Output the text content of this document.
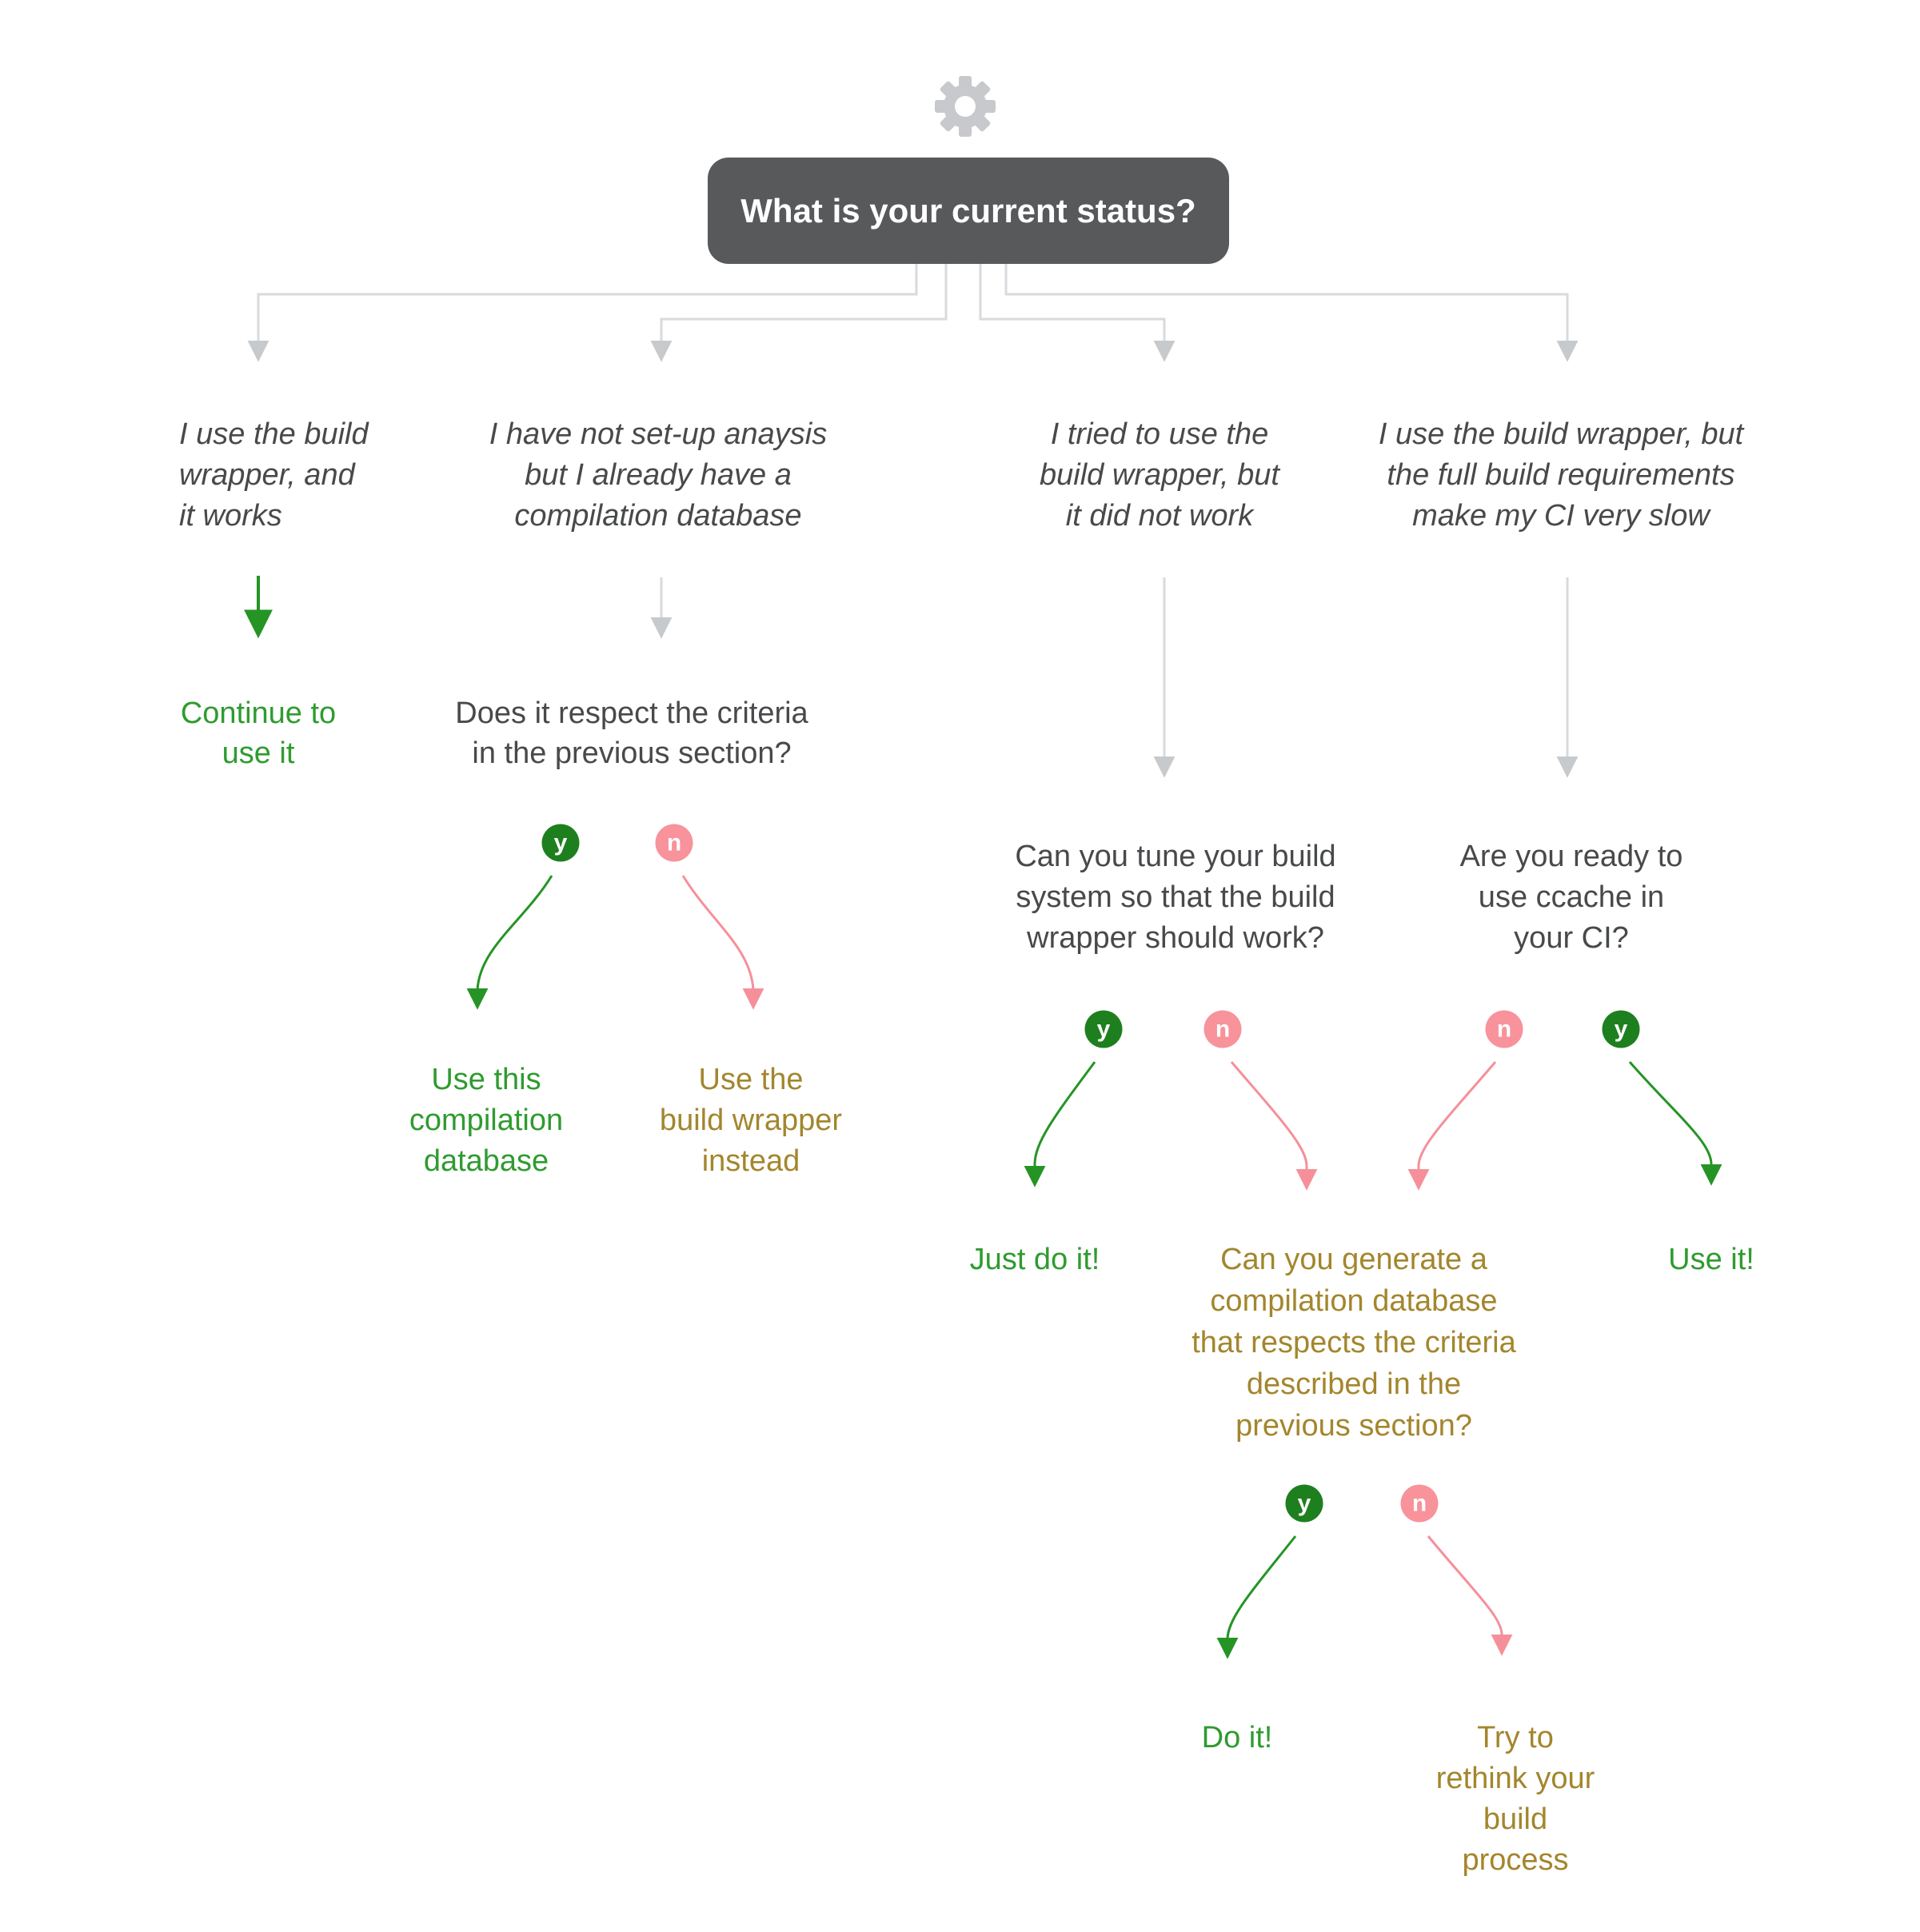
What is your current status?
I use the build
wrapper, and
it works
I have not set-up anaysis
but I already have a
compilation database
I tried to use the
build wrapper, but
it did not work
I use the build wrapper, but
the full build requirements
make my CI very slow
Continue to
use it
Does it respect the criteria
in the previous section?
Can you tune your build
system so that the build
wrapper should work?
Are you ready to
use ccache in
your CI?
y	n
Use this
compilation
database
Use the
build wrapper
instead
y	n	n	y
Just do it!	Can you generate a
compilation database
that respects the criteria
described in the
previous section?
Use it!
y	n
Do it!	Try to
rethink your
build
process
